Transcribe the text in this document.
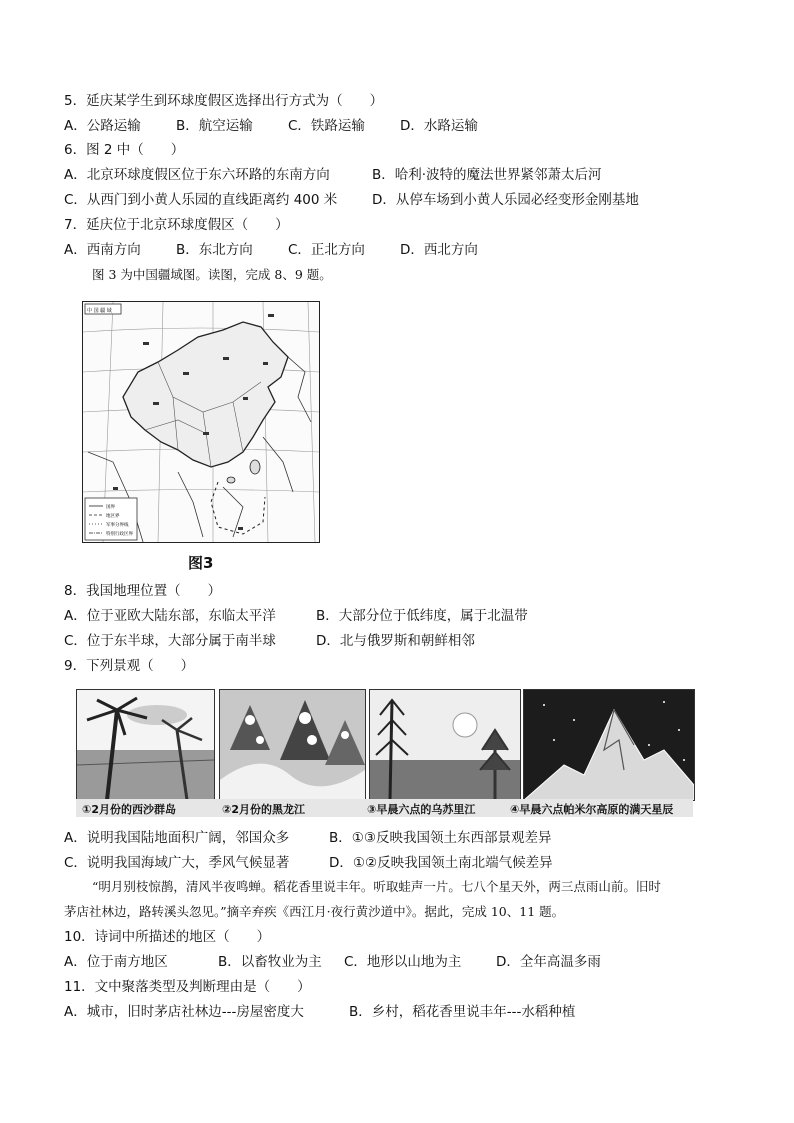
5．延庆某学生到环球度假区选择出行方式为（　　）
A．公路运输	B．航空运输	C．铁路运输	D．水路运输
6．图 2 中（　　）
A．北京环球度假区位于东六环路的东南方向	B．哈利·波特的魔法世界紧邻萧太后河
C．从西门到小黄人乐园的直线距离约 400 米	D．从停车场到小黄人乐园必经变形金刚基地
7．延庆位于北京环球度假区（　　）
A．西南方向	B．东北方向	C．正北方向	D．西北方向
图 3 为中国疆域图。读图，完成 8、9 题。
中 国 疆 域
国界
地区界
军事分界线
特别行政区界
图3
8．我国地理位置（　　）
A．位于亚欧大陆东部，东临太平洋	B．大部分位于低纬度，属于北温带
C．位于东半球，大部分属于南半球	D．北与俄罗斯和朝鲜相邻
9．下列景观（　　）
①2月份的西沙群岛	②2月份的黑龙江	③早晨六点的乌苏里江	④早晨六点帕米尔高原的满天星辰
A．说明我国陆地面积广阔，邻国众多	B．①③反映我国领土东西部景观差异
C．说明我国海域广大，季风气候显著	D．①②反映我国领土南北端气候差异
“明月别枝惊鹊，清风半夜鸣蝉。稻花香里说丰年。听取蛙声一片。七八个星天外，两三点雨山前。旧时
茅店社林边，路转溪头忽见。”摘辛弃疾《西江月·夜行黄沙道中》。据此，完成 10、11 题。
10．诗词中所描述的地区（　　）
A．位于南方地区	B．以畜牧业为主 C．地形以山地为主	D．全年高温多雨
11．文中聚落类型及判断理由是（　　）
A．城市，旧时茅店社林边---房屋密度大	B．乡村，稻花香里说丰年---水稻种植
